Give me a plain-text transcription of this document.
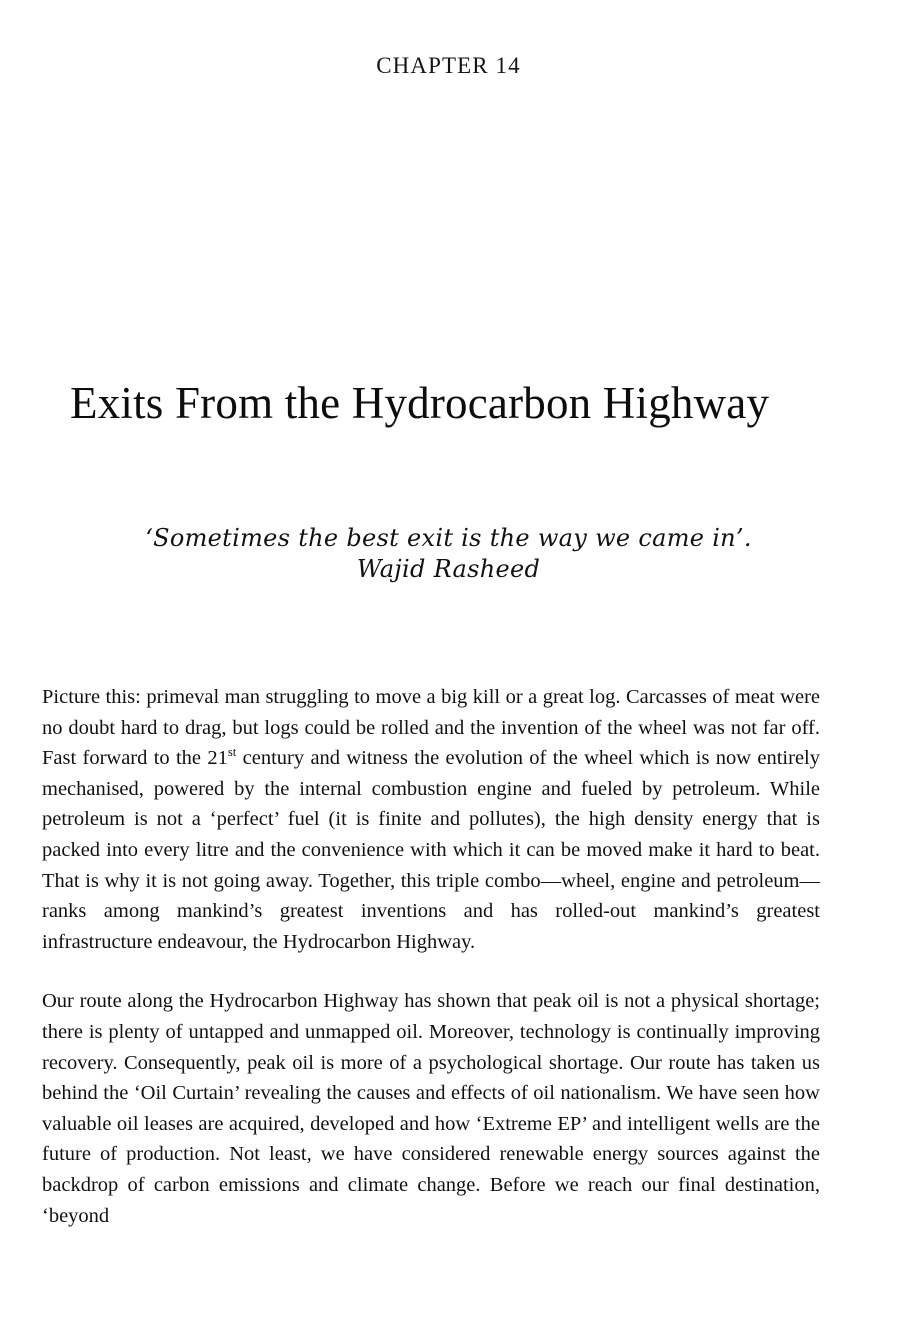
CHAPTER 14
Exits From the Hydrocarbon Highway
‘Sometimes the best exit is the way we came in’.
Wajid Rasheed

Picture this: primeval man struggling to move a big kill or a great log. Carcasses of meat were no doubt hard to drag, but logs could be rolled and the invention of the wheel was not far off. Fast forward to the 21st century and witness the evolution of the wheel which is now entirely mechanised, powered by the internal combustion engine and fueled by petroleum. While petroleum is not a ‘perfect’ fuel (it is finite and pollutes), the high density energy that is packed into every litre and the convenience with which it can be moved make it hard to beat. That is why it is not going away. Together, this triple combo—wheel, engine and petroleum—ranks among mankind’s greatest inventions and has rolled-out mankind’s greatest infrastructure endeavour, the Hydrocarbon Highway.

Our route along the Hydrocarbon Highway has shown that peak oil is not a physical shortage; there is plenty of untapped and unmapped oil. Moreover, technology is continually improving recovery. Consequently, peak oil is more of a psychological shortage. Our route has taken us behind the ‘Oil Curtain’ revealing the causes and effects of oil nationalism. We have seen how valuable oil leases are acquired, developed and how ‘Extreme EP’ and intelligent wells are the future of production. Not least, we have considered renewable energy sources against the backdrop of carbon emissions and climate change. Before we reach our final destination, ‘beyond
